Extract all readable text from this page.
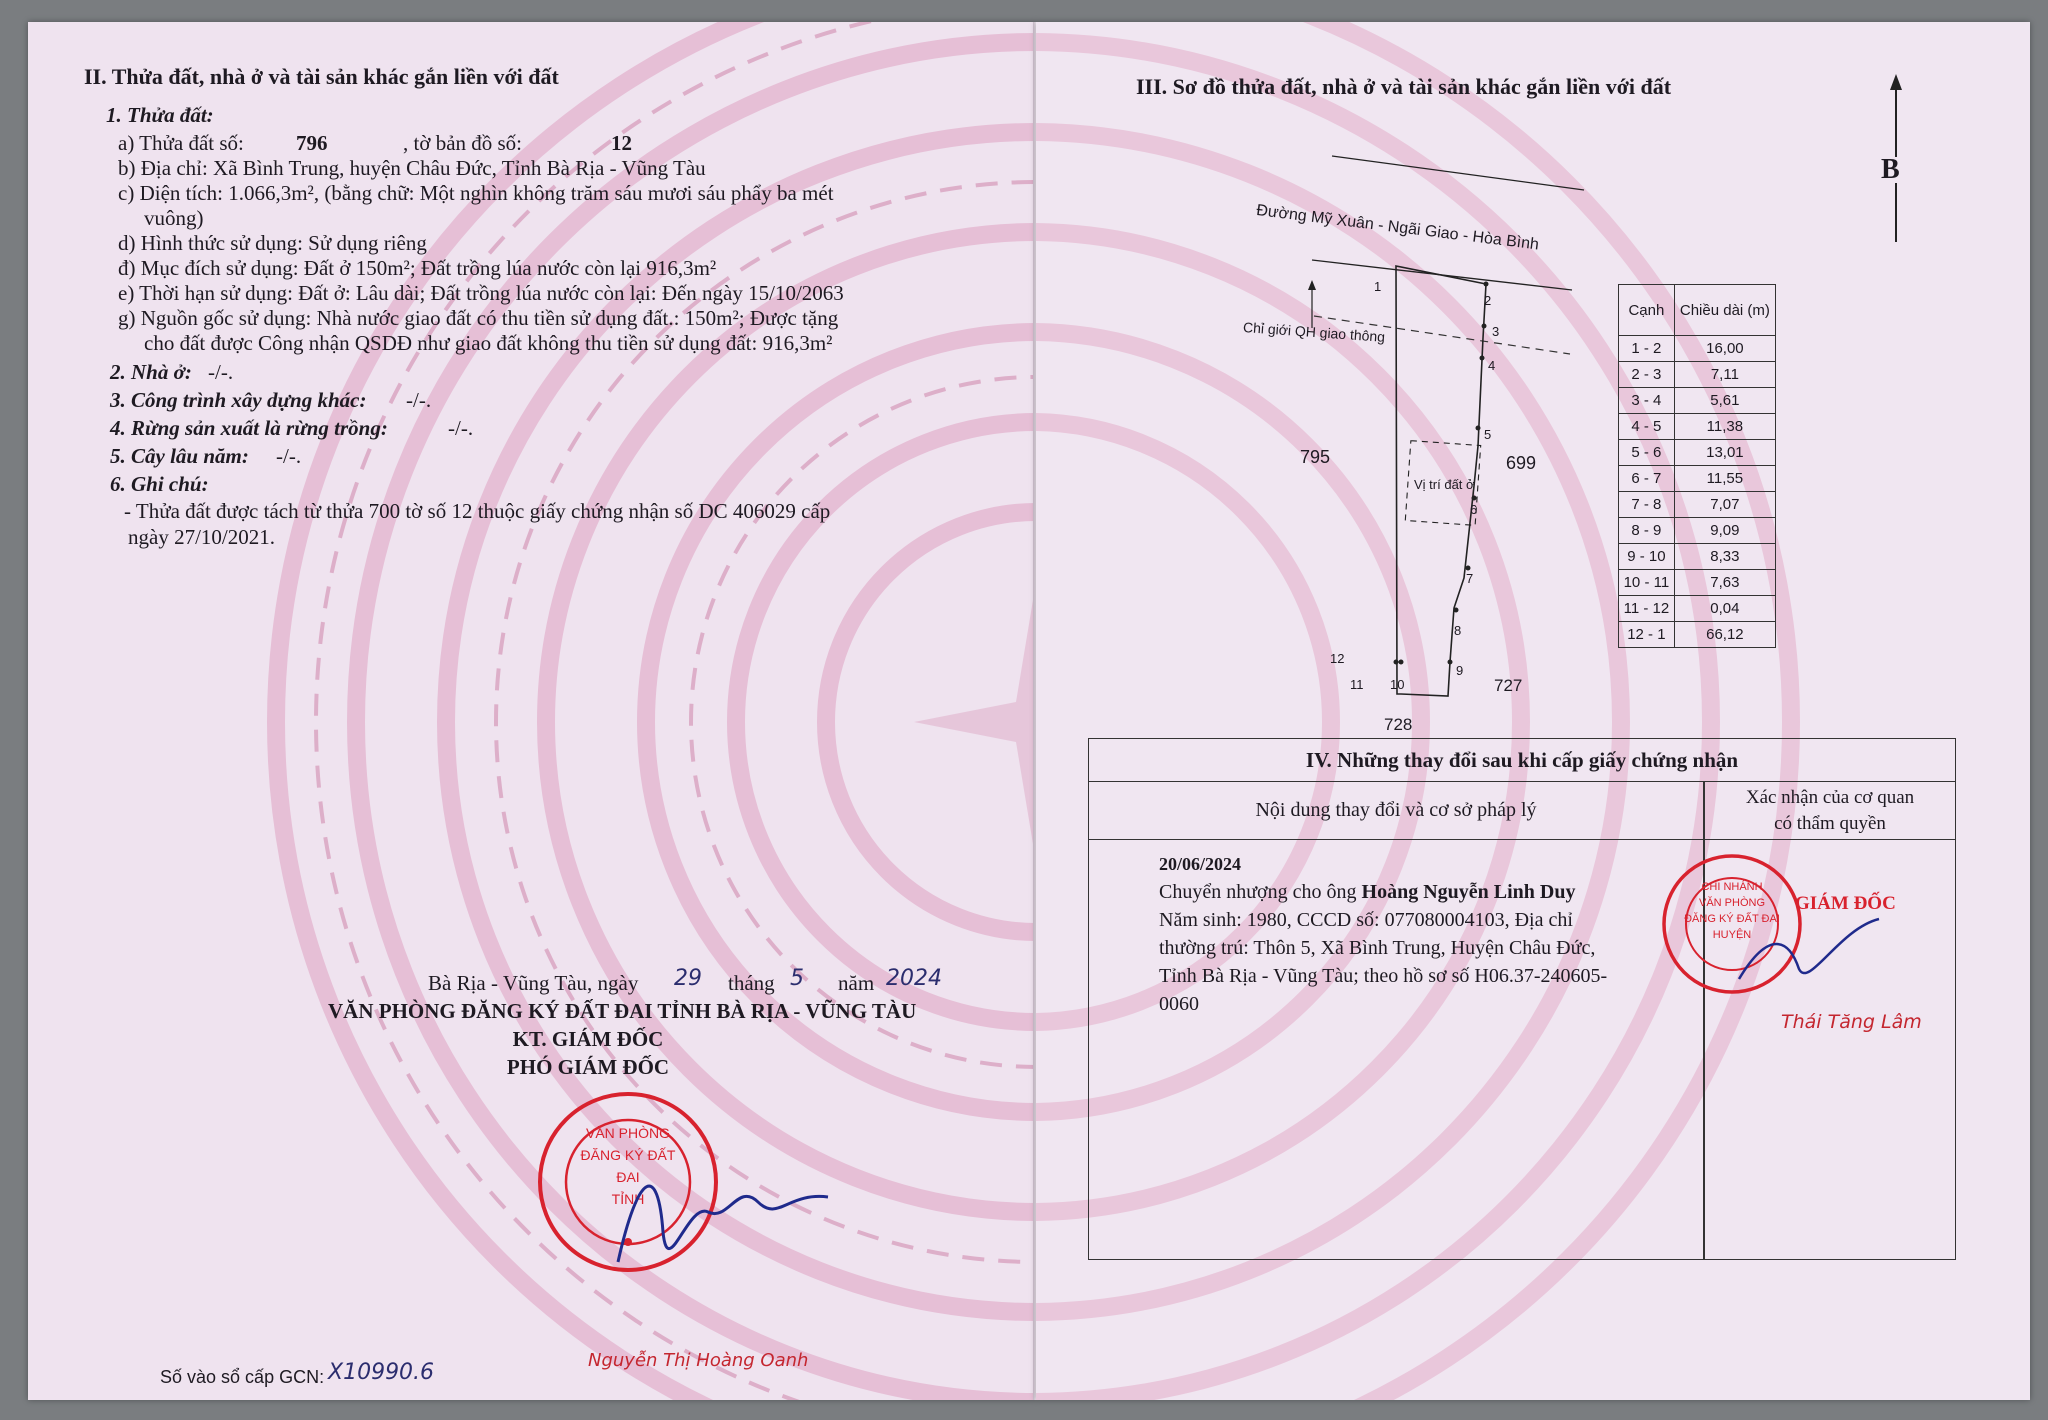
II. Thửa đất, nhà ở và tài sản khác gắn liền với đất
1. Thửa đất:
a) Thửa đất số: 796	, tờ bản đồ số:	12
b) Địa chỉ: Xã Bình Trung, huyện Châu Đức, Tỉnh Bà Rịa - Vũng Tàu
c) Diện tích: 1.066,3m², (bằng chữ: Một nghìn không trăm sáu mươi sáu phẩy ba mét
vuông)
d) Hình thức sử dụng: Sử dụng riêng
đ) Mục đích sử dụng: Đất ở 150m²; Đất trồng lúa nước còn lại 916,3m²
e) Thời hạn sử dụng: Đất ở: Lâu dài; Đất trồng lúa nước còn lại: Đến ngày 15/10/2063
g) Nguồn gốc sử dụng: Nhà nước giao đất có thu tiền sử dụng đất.: 150m²; Được tặng
cho đất được Công nhận QSDĐ như giao đất không thu tiền sử dụng đất: 916,3m²
2. Nhà ở: -/-.
3. Công trình xây dựng khác: -/-.
4. Rừng sản xuất là rừng trồng:	-/-.
5. Cây lâu năm: -/-.
6. Ghi chú:
- Thửa đất được tách từ thửa 700 tờ số 12 thuộc giấy chứng nhận số DC 406029 cấp
ngày 27/10/2021.
Bà Rịa - Vũng Tàu, ngày 29 tháng 5 năm 2024
VĂN PHÒNG ĐĂNG KÝ ĐẤT ĐAI TỈNH BÀ RỊA - VŨNG TÀU
KT. GIÁM ĐỐC
PHÓ GIÁM ĐỐC
VĂN PHÒNG
ĐĂNG KÝ ĐẤT ĐAI
TỈNH
Nguyễn Thị Hoàng Oanh
Số vào sổ cấp GCN: X10990.6
III. Sơ đồ thửa đất, nhà ở và tài sản khác gắn liền với đất
B
Đường Mỹ Xuân - Ngãi Giao - Hòa Bình
Chỉ giới QH giao thông
Vị trí đất ở
795	699
727
728
1
2
3
4
5
6
7
8
9
10
11
12
Cạnh	Chiều dài (m)
1 - 2	16,00
2 - 3	7,11
3 - 4	5,61
4 - 5	11,38
5 - 6	13,01
6 - 7	11,55
7 - 8	7,07
8 - 9	9,09
9 - 10	8,33
10 - 11	7,63
11 - 12	0,04
12 - 1	66,12
IV. Những thay đổi sau khi cấp giấy chứng nhận
Nội dung thay đổi và cơ sở pháp lý
Xác nhận của cơ quan
có thẩm quyền
20/06/2024
Chuyển nhượng cho ông Hoàng Nguyễn Linh Duy
Năm sinh: 1980, CCCD số: 077080004103, Địa chỉ
thường trú: Thôn 5, Xã Bình Trung, Huyện Châu Đức,
Tỉnh Bà Rịa - Vũng Tàu; theo hồ sơ số H06.37-240605-
0060
CHI NHÁNH
VĂN PHÒNG
ĐĂNG KÝ ĐẤT ĐAI
HUYỆN
GIÁM ĐỐC
Thái Tăng Lâm
